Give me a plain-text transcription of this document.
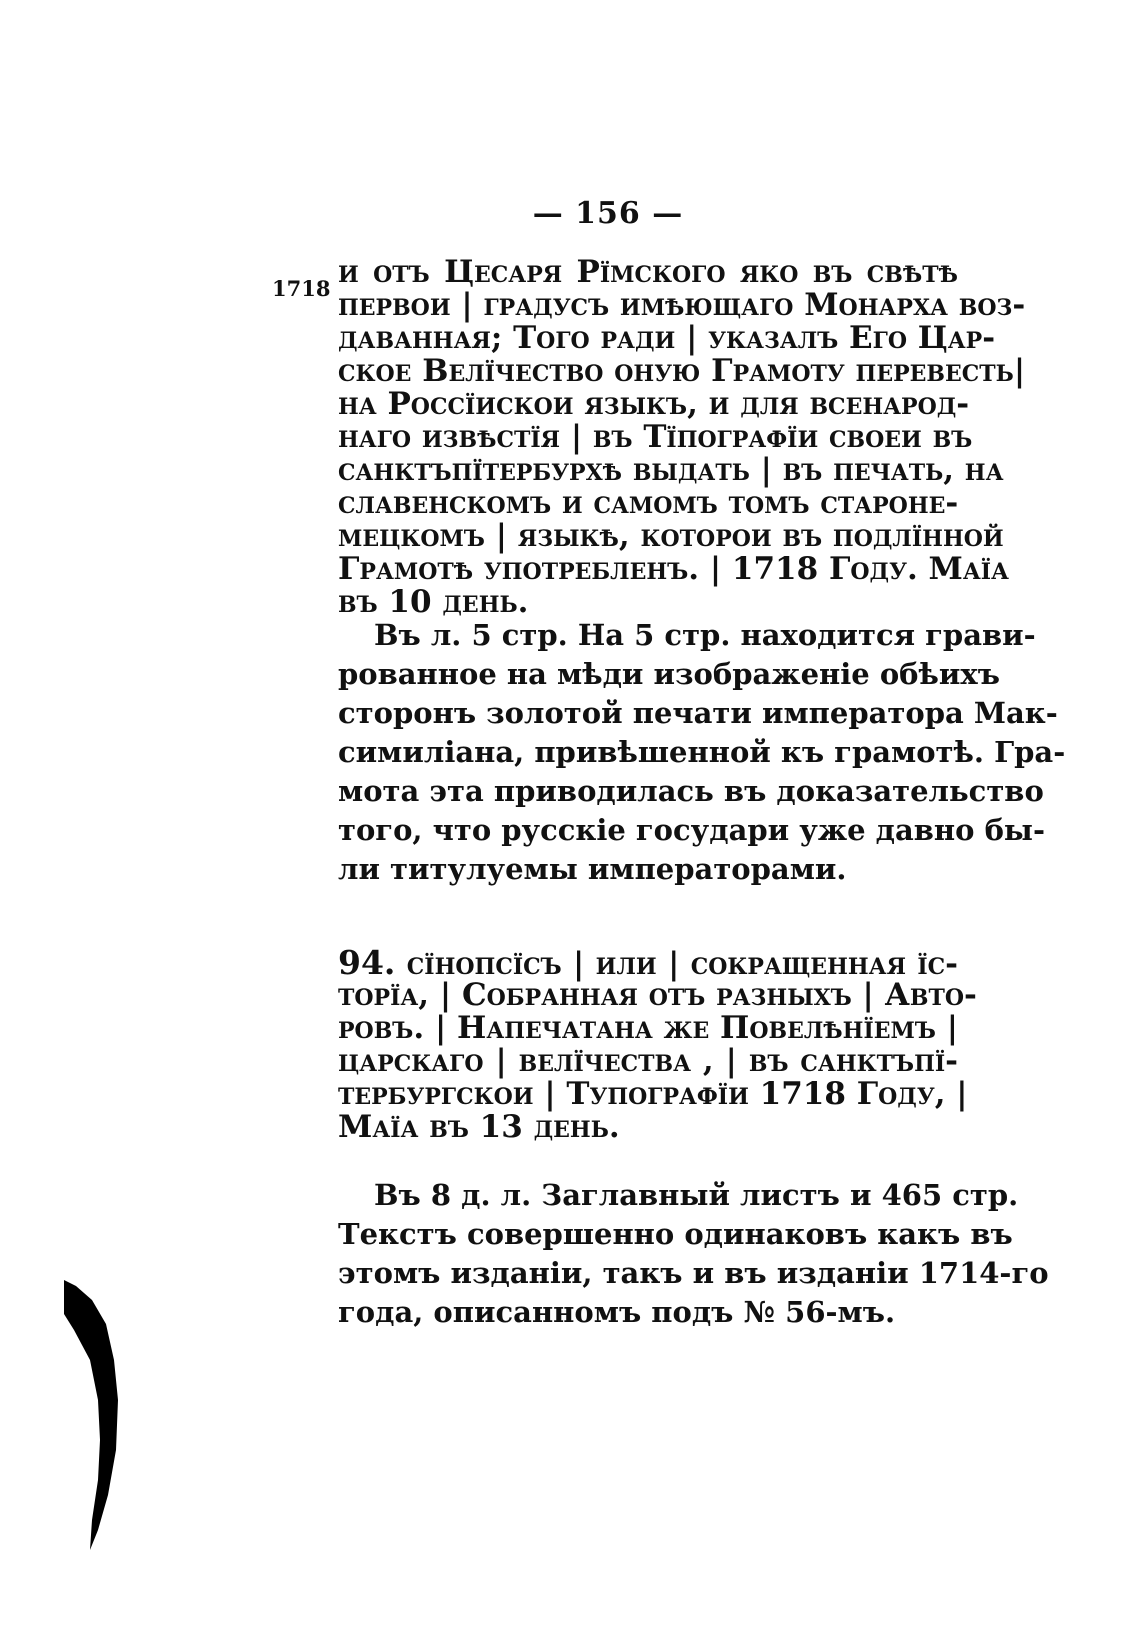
— 156 —
1718 и отъ Цесаря Рїмского яко въ свѣтѣ
первои | градусъ имѣющаго Монарха воз-
даванная; Того ради | указалъ Его Цар-
ское Велїчество оную Грамоту перевесть|
на Россїискои языкъ, и для всенарод-
наго извѣстїя | въ Тїпографїи своеи въ
санктъпїтербурхѣ выдать | въ печать, на
славенскомъ и самомъ томъ староне-
мецкомъ | языкѣ, которои въ подлїнной
Грамотѣ употребленъ. | 1718 Году. Маїа
въ 10 день.
Въ л. 5 стр. На 5 стр. находится грави-
рованное на мѣди изображенiе обѣихъ
сторонъ золотой печати императора Мак-
симилiана, привѣшенной къ грамотѣ. Гра-
мота эта приводилась въ доказательство
того, что русскiе государи уже давно бы-
ли титулуемы императорами.
94. сїнопсїсъ | или | сокращенная їс-
торїа, | Собранная отъ разныхъ | Авто-
ровъ. | Напечатана же Повелѣнїемъ |
царскаго | велїчества , | въ санктъпї-
тербургскои | Тупографїи 1718 Году, |
Маїа въ 13 день.
Въ 8 д. л. Заглавный листъ и 465 стр.
Текстъ совершенно одинаковъ какъ въ
этомъ изданiи, такъ и въ изданiи 1714-го
года, описанномъ подъ № 56-мъ.
